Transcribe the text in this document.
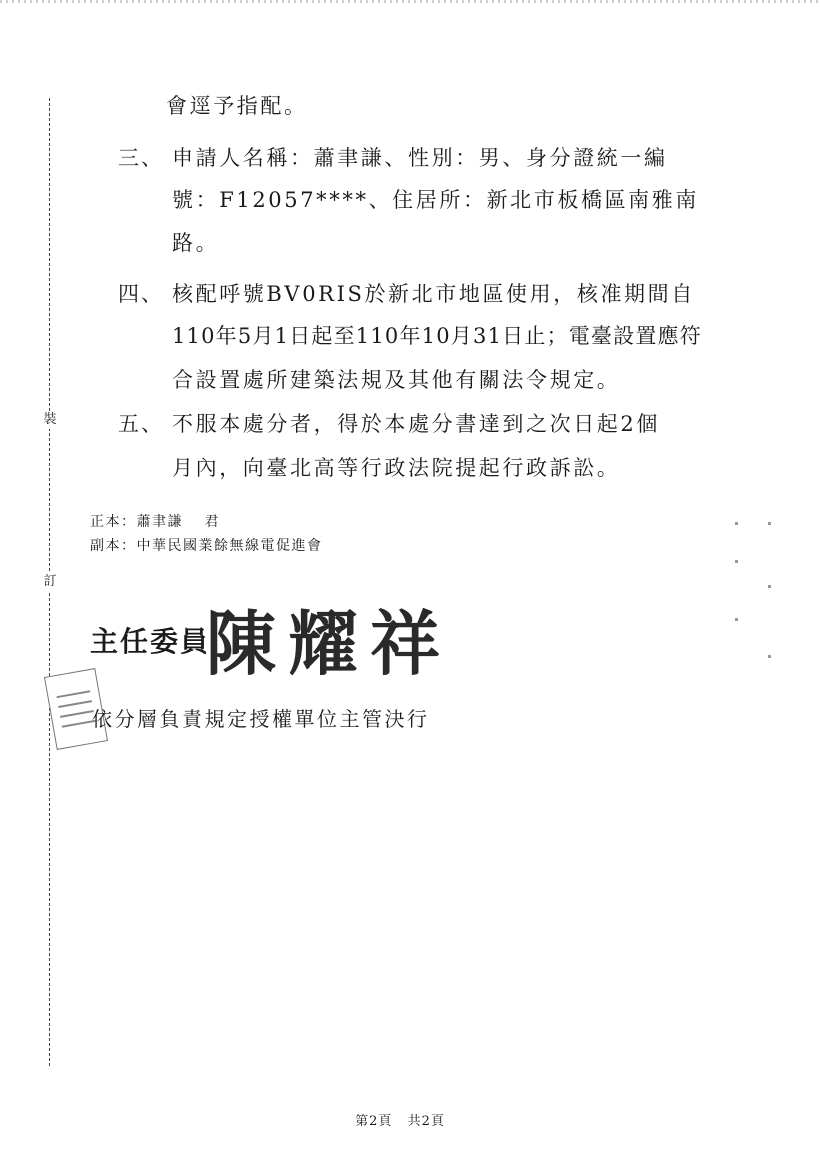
裝
訂
會逕予指配。
三、 申請人名稱：蕭聿謙、性別：男、身分證統一編
號：F12057****、住居所：新北市板橋區南雅南
路。
四、 核配呼號BV0RIS於新北市地區使用，核准期間自
110年5月1日起至110年10月31日止；電臺設置應符
合設置處所建築法規及其他有關法令規定。
五、 不服本處分者，得於本處分書達到之次日起2個
月內，向臺北高等行政法院提起行政訴訟。
正本：蕭聿謙　 君
副本：中華民國業餘無線電促進會
主任委員
陳耀祥
依分層負責規定授權單位主管決行
第2頁 共2頁
